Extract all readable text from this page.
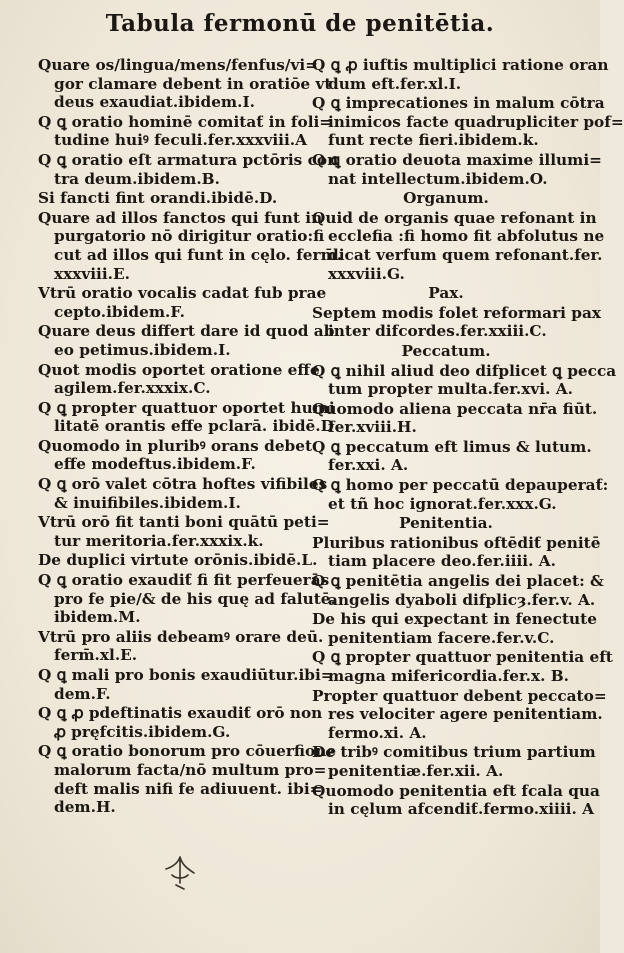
Tabula fermonū de penitētia.
Quare os/lingua/mens/fenfus/vi=
gor clamare debent in oratiōe vt
deus exaudiat.ibidem.I.
Q ꝗ oratio hominē comitaƭ in foli=
tudine huiꝰ feculi.fer.xxxviii.A
Q ꝗ oratio eſt armatura pctōris con
tra deum.ibidem.B.
Si fancti fint orandi.ibidē.D.
Quare ad illos fanctos qui funt in
purgatorio nō dirigitur oratio:fi
cut ad illos qui funt in cęlo. ferm̄.
xxxviii.E.
Vtrū oratio vocalis cadat fub prae
cepto.ibidem.F.
Quare deus differt dare id quod ab
eo petimus.ibidem.I.
Quot modis oportet oratione effe
agilem.fer.xxxix.C.
Q ꝗ propter quattuor oportet humi
litatē orantis effe pclarā. ibidē.D
Quomodo in pluribꝰ orans debet
effe modeftus.ibidem.F.
Q ꝗ orō valet cōtra hoftes vifibiles
& inuifibiles.ibidem.I.
Vtrū orō fit tanti boni quātū peti=
tur meritoria.fer.xxxix.k.
De duplici virtute orōnis.ibidē.L.
Q ꝗ oratio exaudiƭ fi fit perfeuerās
pro fe pie/& de his quę ad falutē.
ibidem.M.
Vtrū pro aliis debeamꝰ orare deū.
ferm̄.xl.E.
Q ꝗ mali pro bonis exaudiūtur.ibi=
dem.F.
Q ꝗ ꝓ pdeftinatis exaudiƭ orō non
ꝓ pręfcitis.ibidem.G.
Q ꝗ oratio bonorum pro cōuerfione
malorum facta/nō multum pro=
deft malis nifi fe adiuuent. ibi=
dem.H.
Q ꝗ ꝓ iuftis multiplici ratione oran
dum eft.fer.xl.I.
Q ꝗ imprecationes in malum cōtra
inimicos facte quadrupliciter pof=
funt recte fieri.ibidem.k.
Q ꝗ oratio deuota maxime illumi=
nat intellectum.ibidem.O.
Organum.
Quid de organis quae refonant in
ecclefia :fi homo fit abfolutus ne
dicat verfum quem refonant.fer.
xxxviii.G.
Pax.
Septem modis folet reformari pax
inter difcordes.fer.xxiii.C.
Peccatum.
Q ꝗ nihil aliud deo difplicet ꝗ pecca
tum propter multa.fer.xvi. A.
Quomodo aliena peccata nr̄a fiūt.
fer.xviii.H.
Q ꝗ peccatum eft limus & lutum.
fer.xxi. A.
Q ꝗ homo per peccatū depauperaƭ:
et tñ hoc ignorat.fer.xxx.G.
Penitentia.
Pluribus rationibus oftēdiƭ penitē
tiam placere deo.fer.iiii. A.
Q ꝗ penitētia angelis dei placet: &
angelis dyaboli difplicȝ.fer.v. A.
De his qui expectant in fenectute
penitentiam facere.fer.v.C.
Q ꝗ propter quattuor penitentia eft
magna mifericordia.fer.x. B.
Propter quattuor debent peccato=
res velociter agere penitentiam.
fermo.xi. A.
De tribꝰ comitibus trium partium
penitentiæ.fer.xii. A.
Quomodo penitentia eft fcala qua
in cęlum afcendiƭ.fermo.xiiii. A
